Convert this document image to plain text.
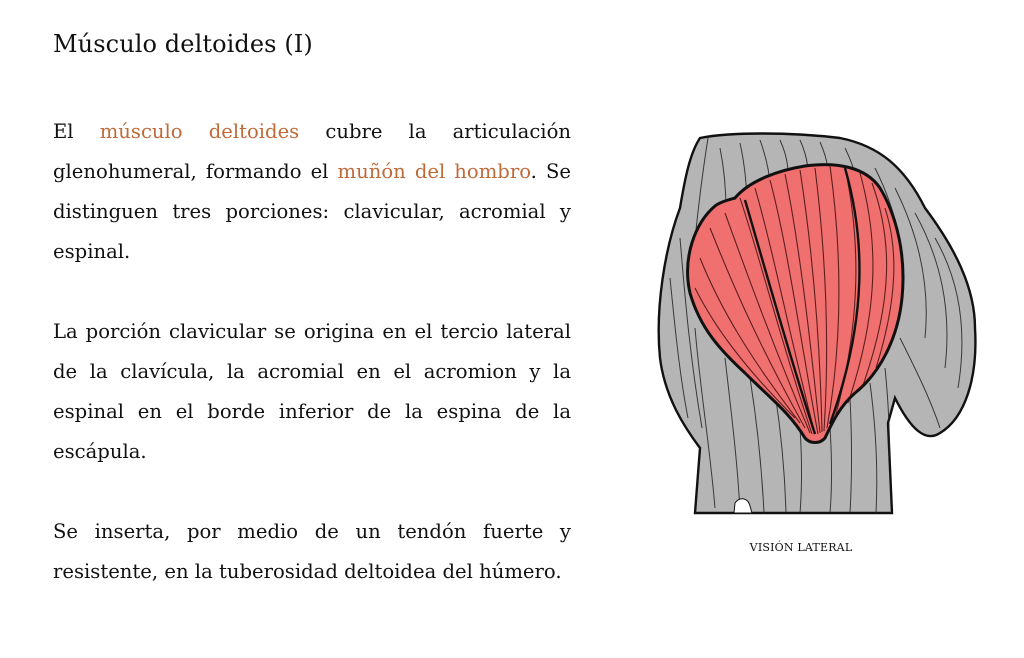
Músculo deltoides (I)

El músculo deltoides cubre la articulación glenohumeral, formando el muñón del hombro. Se distinguen tres porciones: clavicular, acromial y espinal.

La porción clavicular se origina en el tercio lateral de la clavícula, la acromial en el acromion y la espinal en el borde inferior de la espina de la escápula.

Se inserta, por medio de un tendón fuerte y resistente, en la tuberosidad deltoidea del húmero.

VISIÓN LATERAL
